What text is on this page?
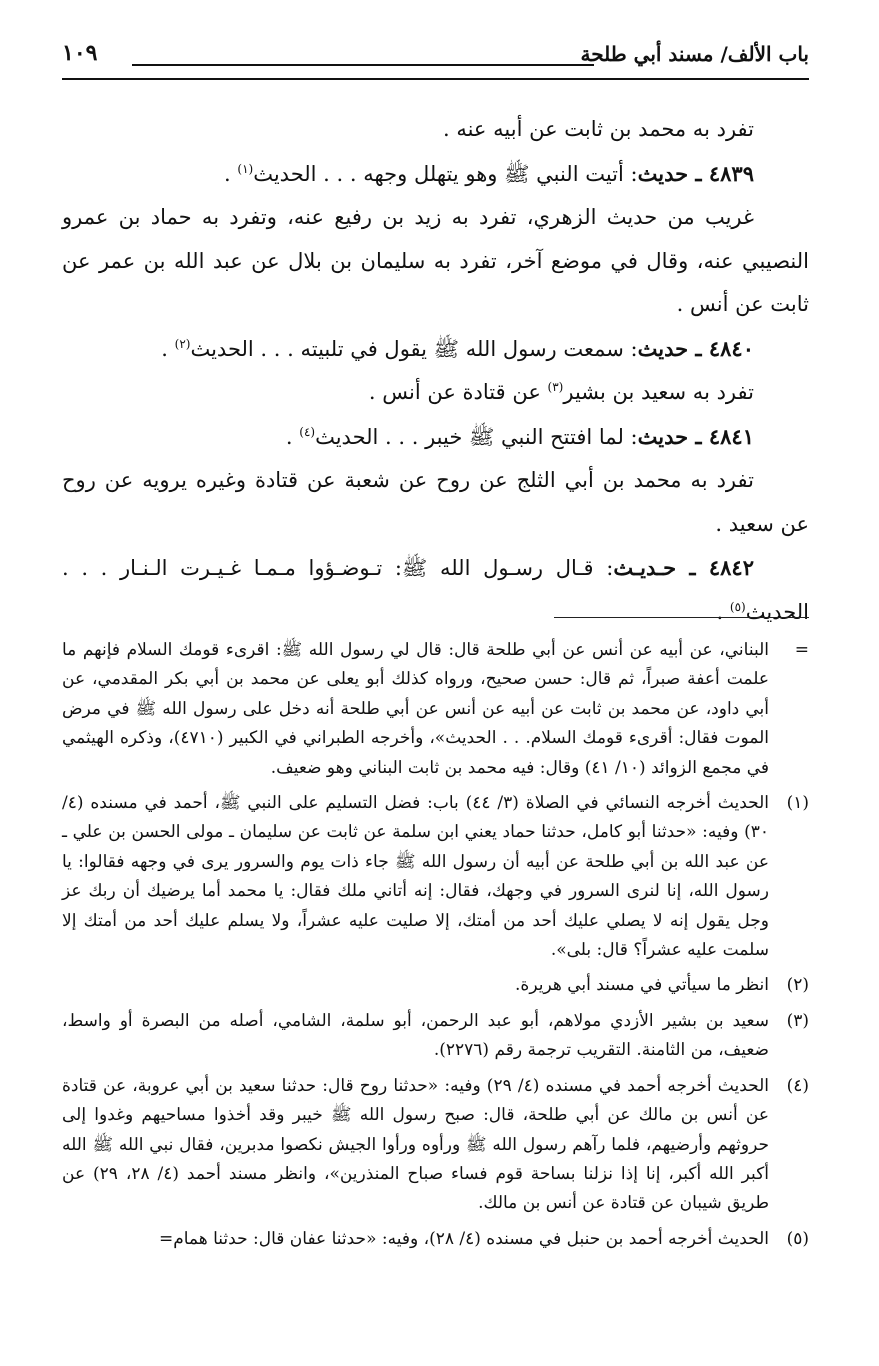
باب الألف/ مسند أبي طلحة
١٠٩

تفرد به محمد بن ثابت عن أبيه عنه .

٤٨٣٩ ـ حديث: أتيت النبي ﷺ وهو يتهلل وجهه . . . الحديث$^{(١)}$ .

غريب من حديث الزهري، تفرد به زيد بن رفيع عنه، وتفرد به حماد بن عمرو النصيبي عنه، وقال في موضع آخر، تفرد به سليمان بن بلال عن عبد الله بن عمر عن ثابت عن أنس .

٤٨٤٠ ـ حديث: سمعت رسول الله ﷺ يقول في تلبيته . . . الحديث$^{(٢)}$ .

تفرد به سعيد بن بشير$^{(٣)}$ عن قتادة عن أنس .

٤٨٤١ ـ حديث: لما افتتح النبي ﷺ خيبر . . . الحديث$^{(٤)}$ .

تفرد به محمد بن أبي الثلج عن روح عن شعبة عن قتادة وغيره يرويه عن روح عن سعيد .

٤٨٤٢ ـ حـديـث: قـال رسـول الله ﷺ: تـوضـؤوا مـمـا غـيـرت الـنـار . . . الحديث$^{(٥)}$ .

=
البناني، عن أبيه عن أنس عن أبي طلحة قال: قال لي رسول الله ﷺ: اقرىء قومك السلام فإنهم ما علمت أعفة صبراً، ثم قال: حسن صحيح، ورواه كذلك أبو يعلى عن محمد بن أبي بكر المقدمي، عن أبي داود، عن محمد بن ثابت عن أبيه عن أنس عن أبي طلحة أنه دخل على رسول الله ﷺ في مرض الموت فقال: أقرىء قومك السلام. . . الحديث»، وأخرجه الطبراني في الكبير (٤٧١٠)، وذكره الهيثمي في مجمع الزوائد (١٠/ ٤١) وقال: فيه محمد بن ثابت البناني وهو ضعيف.

(١)
الحديث أخرجه النسائي في الصلاة (٣/ ٤٤) باب: فضل التسليم على النبي ﷺ، أحمد في مسنده (٤/ ٣٠) وفيه: «حدثنا أبو كامل، حدثنا حماد يعني ابن سلمة عن ثابت عن سليمان ـ مولى الحسن بن علي ـ عن عبد الله بن أبي طلحة عن أبيه أن رسول الله ﷺ جاء ذات يوم والسرور يرى في وجهه فقالوا: يا رسول الله، إنا لنرى السرور في وجهك، فقال: إنه أتاني ملك فقال: يا محمد أما يرضيك أن ربك عز وجل يقول إنه لا يصلي عليك أحد من أمتك، إلا صليت عليه عشراً، ولا يسلم عليك أحد من أمتك إلا سلمت عليه عشراً؟ قال: بلى».

(٢)
انظر ما سيأتي في مسند أبي هريرة.

(٣)
سعيد بن بشير الأزدي مولاهم، أبو عبد الرحمن، أبو سلمة، الشامي، أصله من البصرة أو واسط، ضعيف، من الثامنة. التقريب ترجمة رقم (٢٢٧٦).

(٤)
الحديث أخرجه أحمد في مسنده (٤/ ٢٩) وفيه: «حدثنا روح قال: حدثنا سعيد بن أبي عروبة، عن قتادة عن أنس بن مالك عن أبي طلحة، قال: صبح رسول الله ﷺ خيبر وقد أخذوا مساحيهم وغدوا إلى حروثهم وأرضيهم، فلما رآهم رسول الله ﷺ ورأوه ورأوا الجيش نكصوا مدبرين، فقال نبي الله ﷺ الله أكبر الله أكبر، إنا إذا نزلنا بساحة قوم فساء صباح المنذرين»، وانظر مسند أحمد (٤/ ٢٨، ٢٩) عن طريق شيبان عن قتادة عن أنس بن مالك.

(٥)
الحديث أخرجه أحمد بن حنبل في مسنده (٤/ ٢٨)، وفيه: «حدثنا عفان قال: حدثنا همام=
